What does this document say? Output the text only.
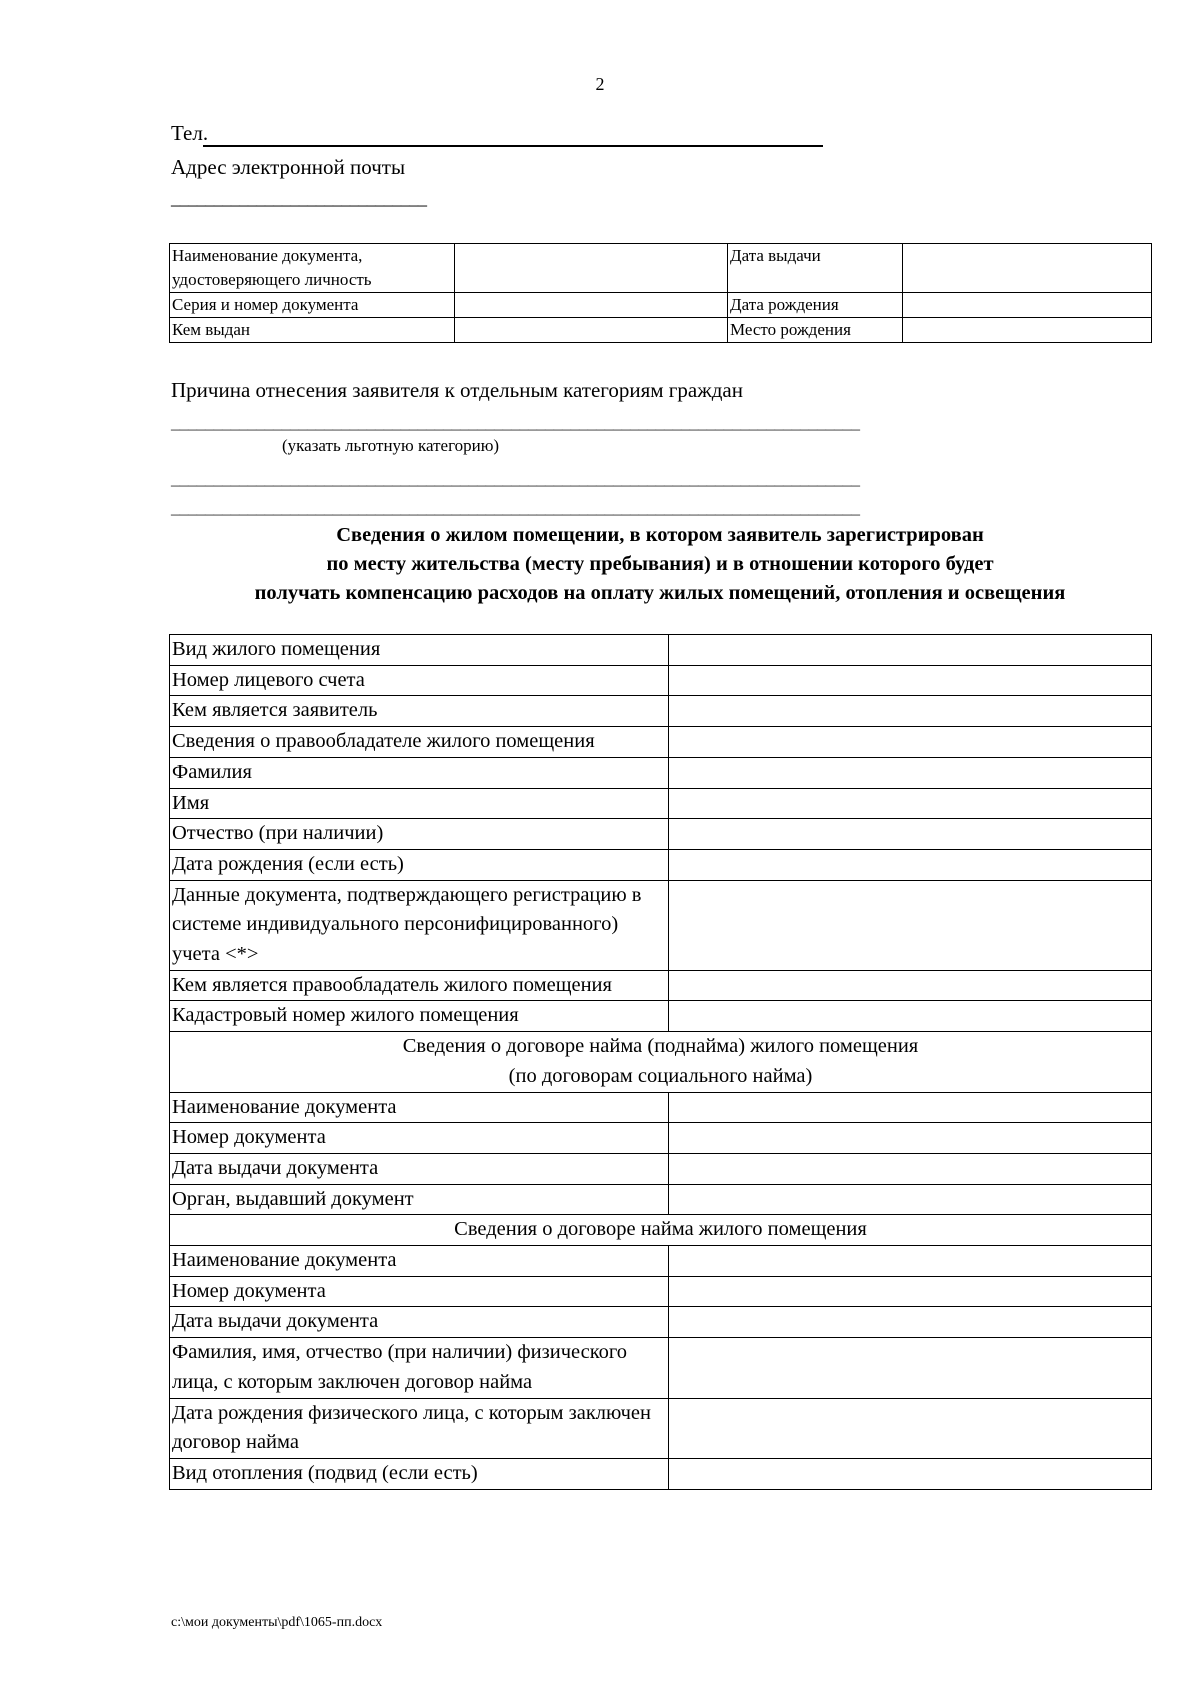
2
Тел.
Адрес электронной почты
______________________________
Наименование документа, удостоверяющего личность		Дата выдачи	
Серия и номер документа		Дата рождения	
Кем выдан		Место рождения	
Причина отнесения заявителя к отдельным категориям граждан
_________________________________________________________________________________
(указать льготную категорию)
_________________________________________________________________________________
_________________________________________________________________________________
Сведения о жилом помещении, в котором заявитель зарегистрирован
по месту жительства (месту пребывания) и в отношении которого будет
получать компенсацию расходов на оплату жилых помещений, отопления и освещения
Вид жилого помещения	
Номер лицевого счета	
Кем является заявитель	
Сведения о правообладателе жилого помещения	
Фамилия	
Имя	
Отчество (при наличии)	
Дата рождения (если есть)	
Данные документа, подтверждающего регистрацию в системе индивидуального персонифицированного) учета <*>	
Кем является правообладатель жилого помещения	
Кадастровый номер жилого помещения	

Сведения о договоре найма (поднайма) жилого помещения
(по договорам социального найма)	

Наименование документа	
Номер документа	
Дата выдачи документа	
Орган, выдавший документ	
Сведения о договоре найма жилого помещения	
Наименование документа	
Номер документа	
Дата выдачи документа	
Фамилия, имя, отчество (при наличии) физического лица, с которым заключен договор найма	
Дата рождения физического лица, с которым заключен договор найма	
Вид отопления (подвид (если есть)	
c:\мои документы\pdf\1065-пп.docx
